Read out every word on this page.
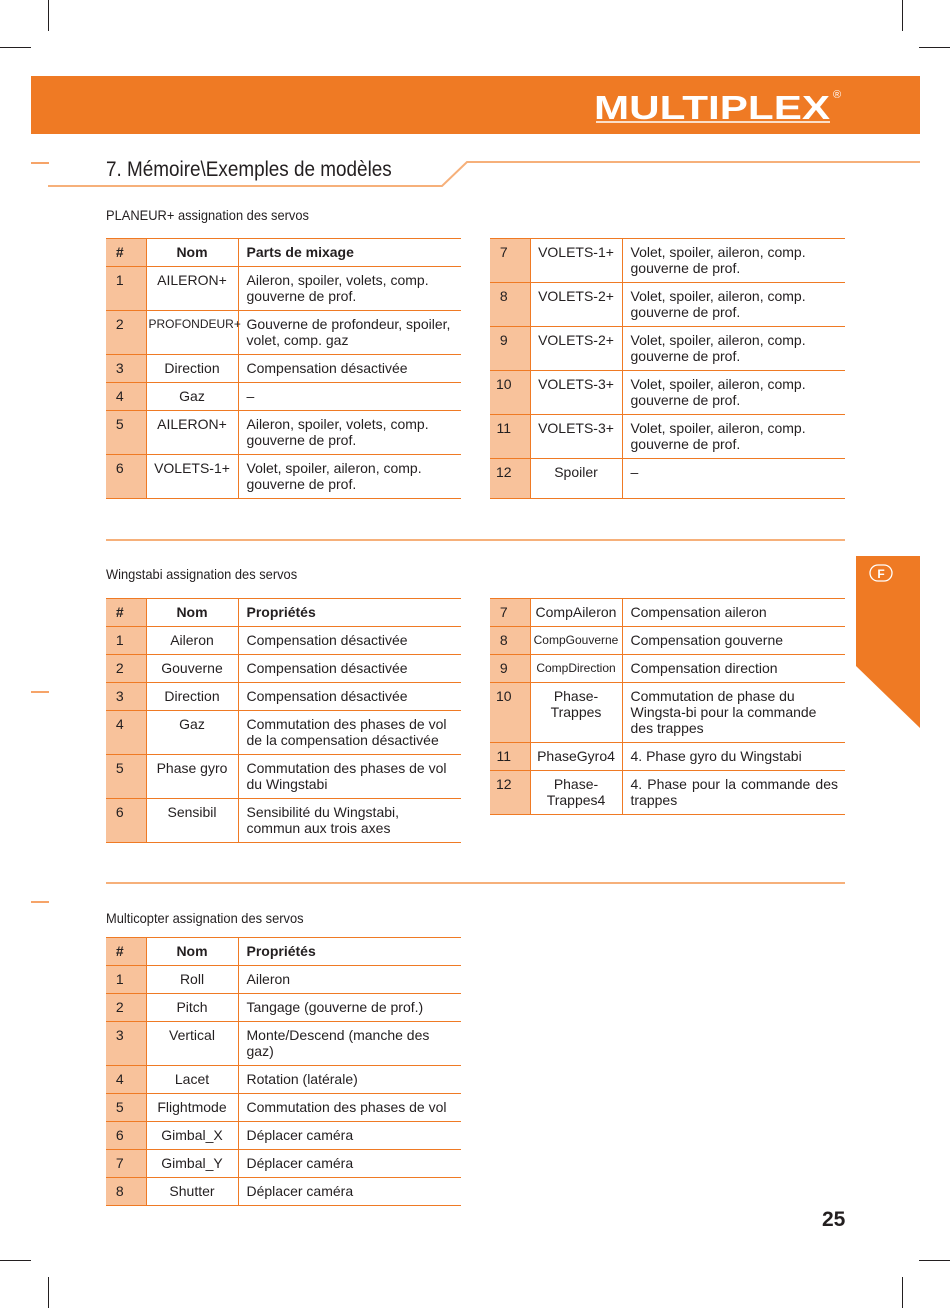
MULTIPLEX ®
7. Mémoire\Exemples de modèles
PLANEUR+ assignation des servos
#	Nom	Parts de mixage
1	AILERON+	Aileron, spoiler, volets, comp. gouverne de prof.
2	PROFONDEUR+	Gouverne de profondeur, spoiler, volet, comp. gaz
3	Direction	Compensation désactivée
4	Gaz	–
5	AILERON+	Aileron, spoiler, volets, comp. gouverne de prof.
6	VOLETS-1+	Volet, spoiler, aileron, comp. gouverne de prof.
7	VOLETS-1+	Volet, spoiler, aileron, comp. gouverne de prof.
8	VOLETS-2+	Volet, spoiler, aileron, comp. gouverne de prof.
9	VOLETS-2+	Volet, spoiler, aileron, comp. gouverne de prof.
10	VOLETS-3+	Volet, spoiler, aileron, comp. gouverne de prof.
11	VOLETS-3+	Volet, spoiler, aileron, comp. gouverne de prof.
12	Spoiler	–
F
Wingstabi assignation des servos
#	Nom	Propriétés
1	Aileron	Compensation désactivée
2	Gouverne	Compensation désactivée
3	Direction	Compensation désactivée
4	Gaz	Commutation des phases de vol de la compensation désactivée
5	Phase gyro	Commutation des phases de vol du Wingstabi
6	Sensibil	Sensibilité du Wingstabi, commun aux trois axes
7	CompAileron	Compensation aileron
8	CompGouverne	Compensation gouverne
9	CompDirection	Compensation direction
10	Phase-Trappes	Commutation de phase du Wingsta-bi pour la commande des trappes
11	PhaseGyro4	4. Phase gyro du Wingstabi
12	Phase-Trappes4	4. Phase pour la commande des trappes
Multicopter assignation des servos
#	Nom	Propriétés
1	Roll	Aileron
2	Pitch	Tangage (gouverne de prof.)
3	Vertical	Monte/Descend (manche des gaz)
4	Lacet	Rotation (latérale)
5	Flightmode	Commutation des phases de vol
6	Gimbal_X	Déplacer caméra
7	Gimbal_Y	Déplacer caméra
8	Shutter	Déplacer caméra
25
